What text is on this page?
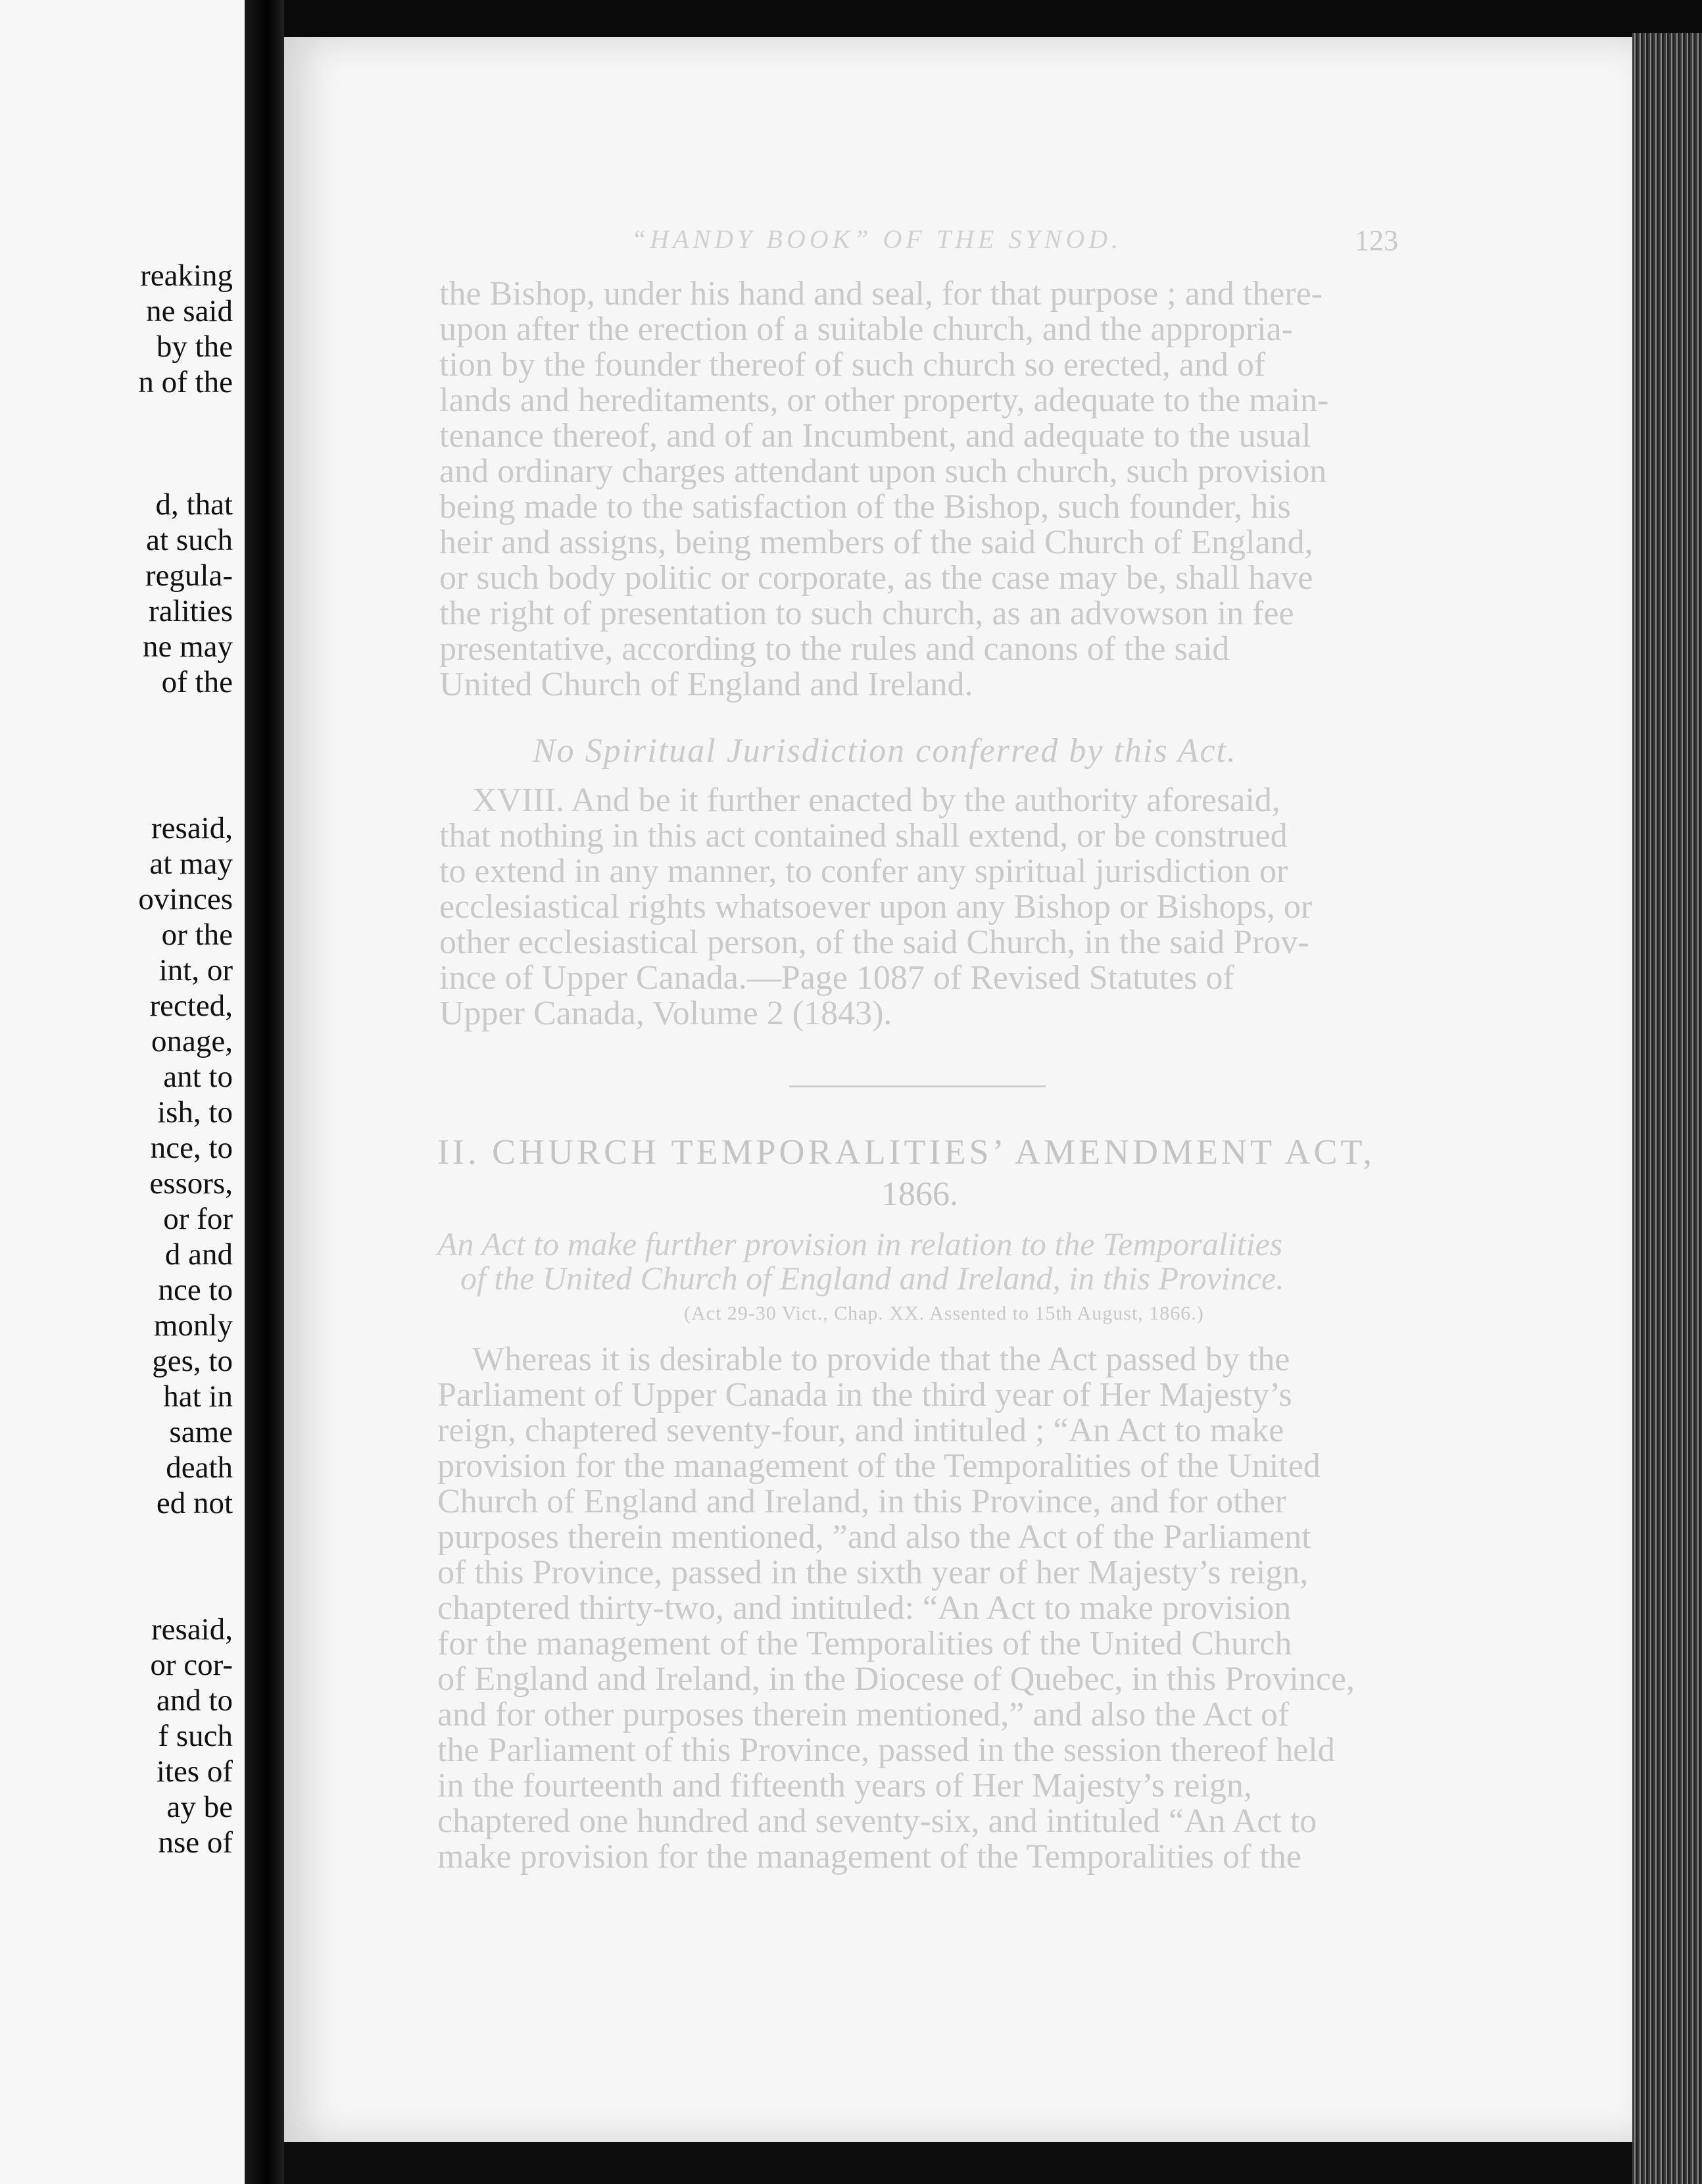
reaking
ne said
by the
n of the
d, that
at such
regula-
ralities
ne may
of the
resaid,
at may
ovinces
or the
int, or
rected,
onage,
ant to
ish, to
nce, to
essors,
or for
d and
nce to
monly
ges, to
hat in
same
death
ed not
resaid,
or cor-
and to
f such
ites of
ay be
nse of
“HANDY BOOK” OF THE SYNOD.	123
the Bishop, under his hand and seal, for that purpose ; and there-
upon after the erection of a suitable church, and the appropria-
tion by the founder thereof of such church so erected, and of
lands and hereditaments, or other property, adequate to the main-
tenance thereof, and of an Incumbent, and adequate to the usual
and ordinary charges attendant upon such church, such provision
being made to the satisfaction of the Bishop, such founder, his
heir and assigns, being members of the said Church of England,
or such body politic or corporate, as the case may be, shall have
the right of presentation to such church, as an advowson in fee
presentative, according to the rules and canons of the said
United Church of England and Ireland.
No Spiritual Jurisdiction conferred by this Act.
XVIII. And be it further enacted by the authority aforesaid,
that nothing in this act contained shall extend, or be construed
to extend in any manner, to confer any spiritual jurisdiction or
ecclesiastical rights whatsoever upon any Bishop or Bishops, or
other ecclesiastical person, of the said Church, in the said Prov-
ince of Upper Canada.—Page 1087 of Revised Statutes of
Upper Canada, Volume 2 (1843).
II. CHURCH TEMPORALITIES’ AMENDMENT ACT,
1866.
An Act to make further provision in relation to the Temporalities
of the United Church of England and Ireland, in this Province.
(Act 29-30 Vict., Chap. XX. Assented to 15th August, 1866.)
Whereas it is desirable to provide that the Act passed by the
Parliament of Upper Canada in the third year of Her Majesty’s
reign, chaptered seventy-four, and intituled ; “An Act to make
provision for the management of the Temporalities of the United
Church of England and Ireland, in this Province, and for other
purposes therein mentioned, ”and also the Act of the Parliament
of this Province, passed in the sixth year of her Majesty’s reign,
chaptered thirty-two, and intituled: “An Act to make provision
for the management of the Temporalities of the United Church
of England and Ireland, in the Diocese of Quebec, in this Province,
and for other purposes therein mentioned,” and also the Act of
the Parliament of this Province, passed in the session thereof held
in the fourteenth and fifteenth years of Her Majesty’s reign,
chaptered one hundred and seventy-six, and intituled “An Act to
make provision for the management of the Temporalities of the
